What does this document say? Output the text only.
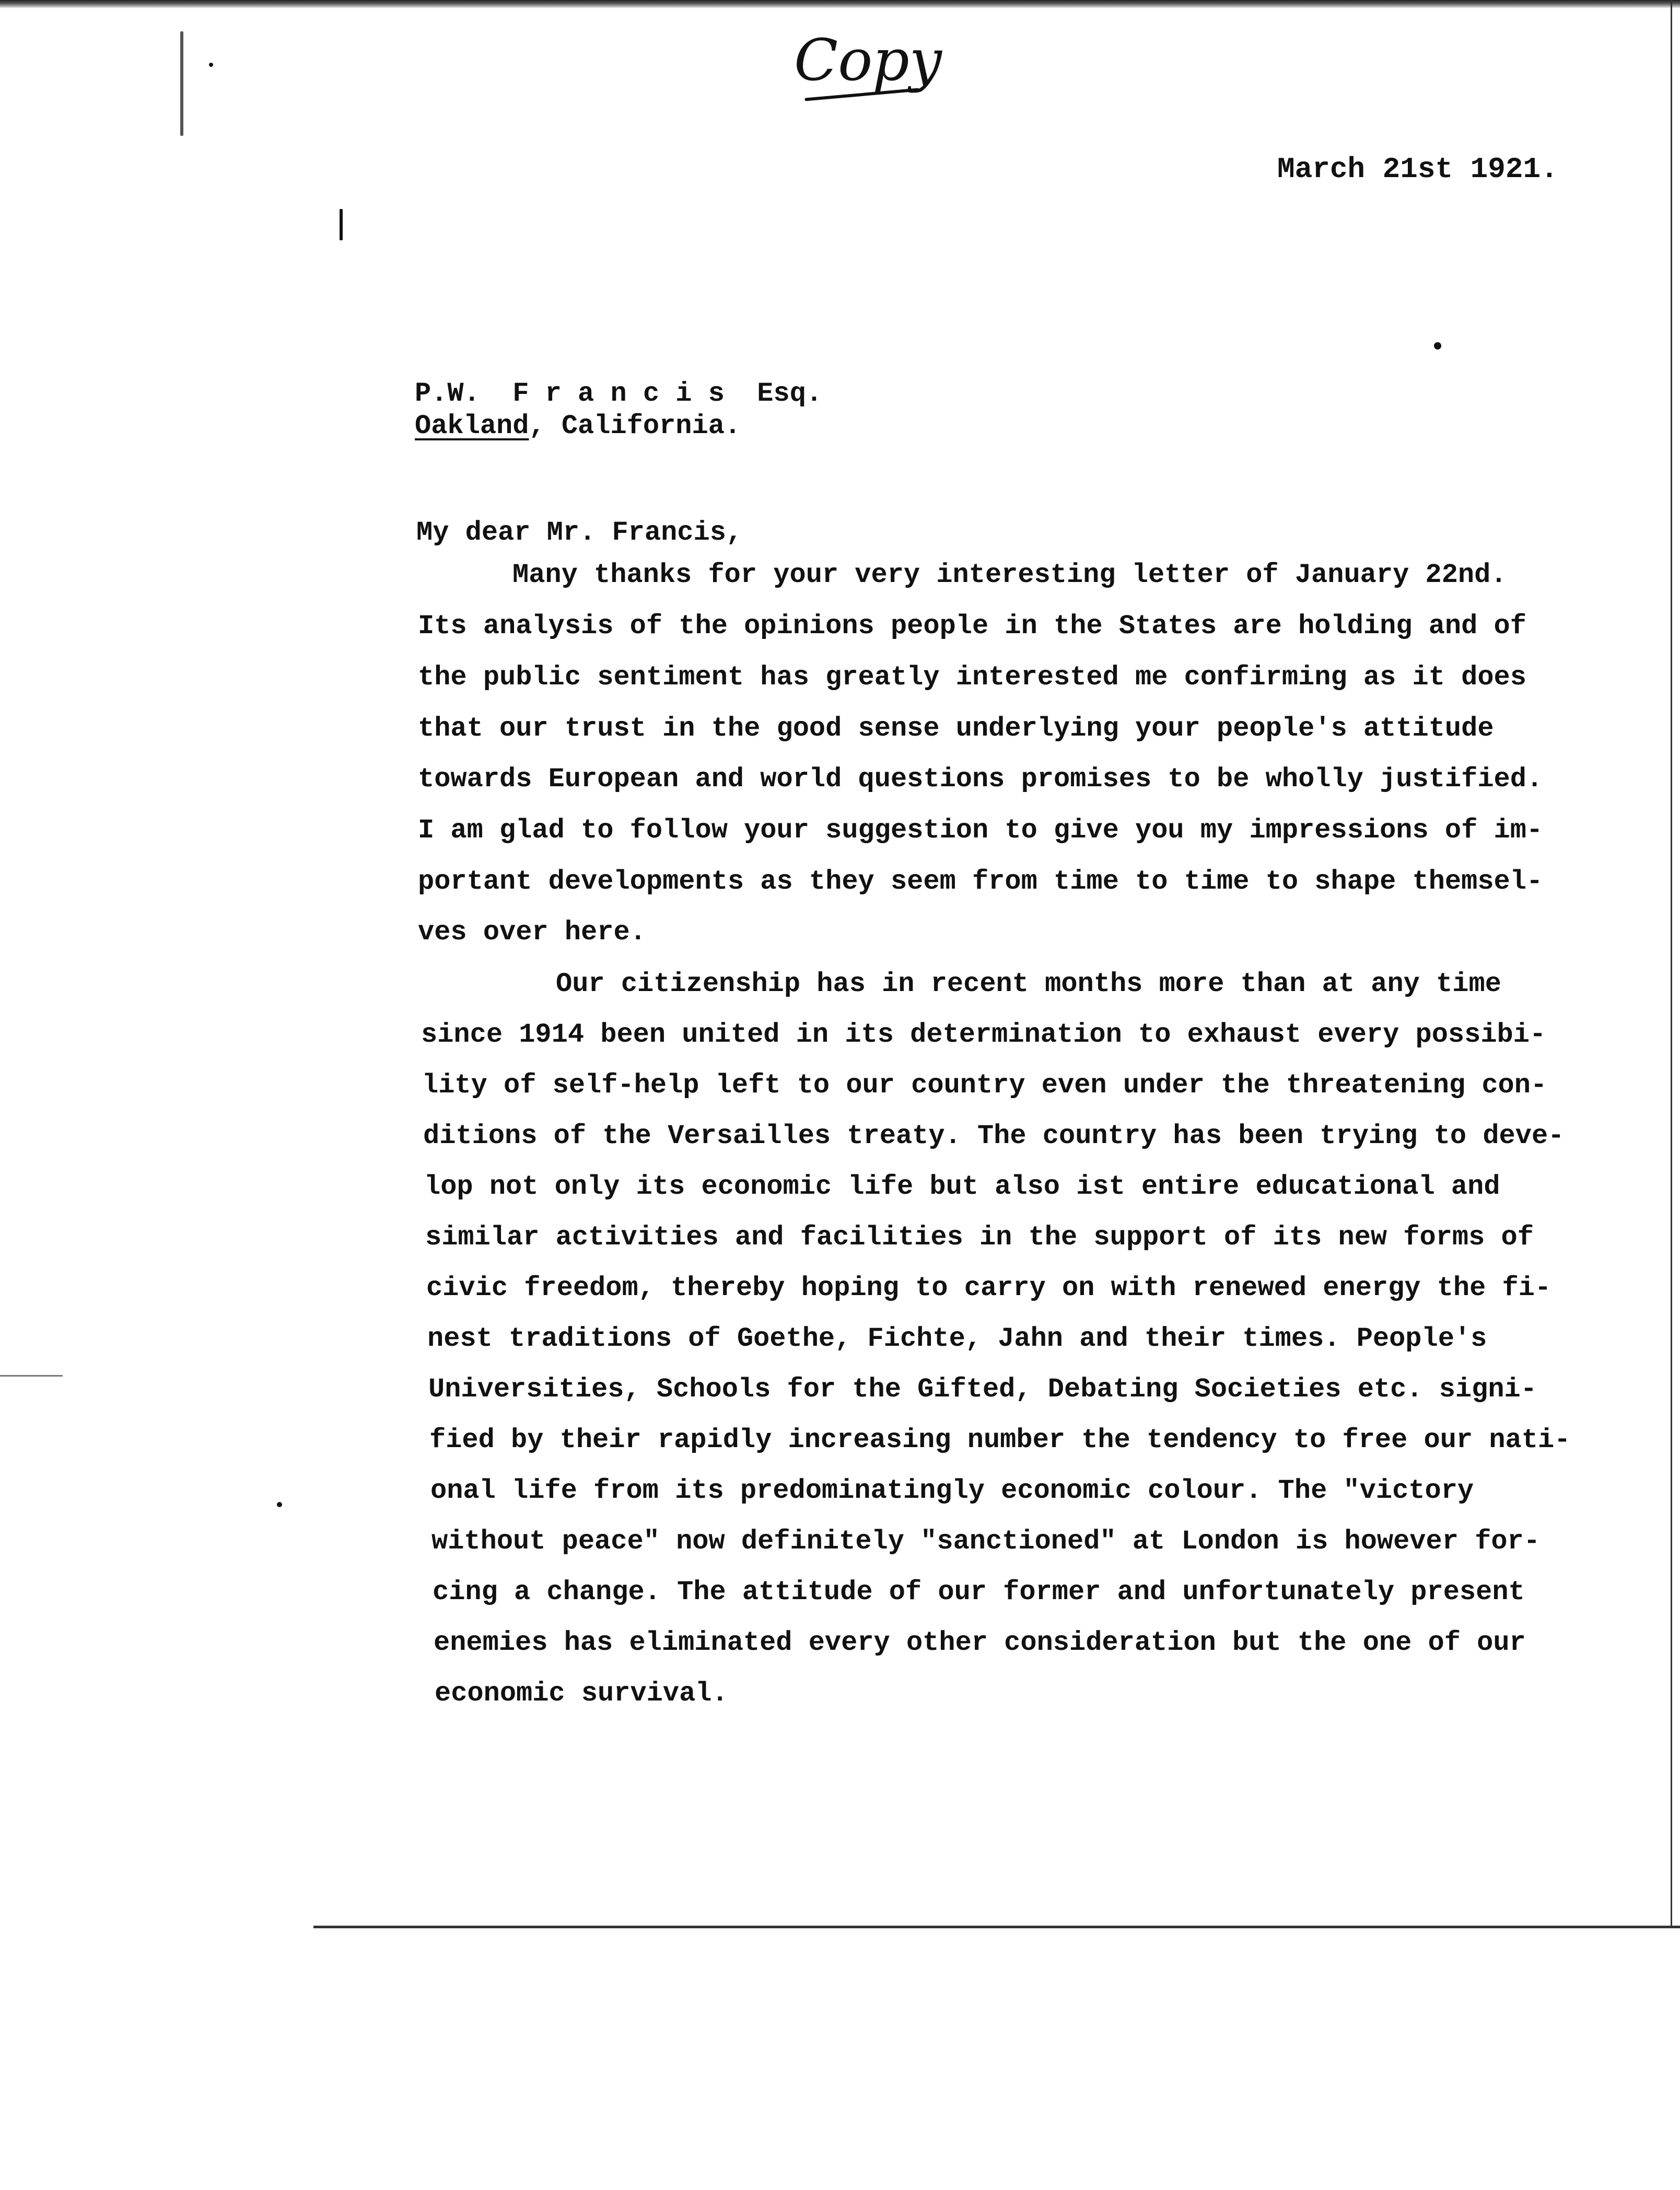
Copy
March 21st 1921.
P.W.  F r a n c i s  Esq.
Oakland, California.
My dear Mr. Francis,
Many thanks for your very interesting letter of January 22nd.
Its analysis of the opinions people in the States are holding and of
the public sentiment has greatly interested me confirming as it does
that our trust in the good sense underlying your people's attitude
towards European and world questions promises to be wholly justified.
I am glad to follow your suggestion to give you my impressions of im-
portant developments as they seem from time to time to shape themsel-
ves over here.
Our citizenship has in recent months more than at any time
since 1914 been united in its determination to exhaust every possibi-
lity of self-help left to our country even under the threatening con-
ditions of the Versailles treaty. The country has been trying to deve-
lop not only its economic life but also ist entire educational and
similar activities and facilities in the support of its new forms of
civic freedom, thereby hoping to carry on with renewed energy the fi-
nest traditions of Goethe, Fichte, Jahn and their times. People's
Universities, Schools for the Gifted, Debating Societies etc. signi-
fied by their rapidly increasing number the tendency to free our nati-
onal life from its predominatingly economic colour. The "victory
without peace" now definitely "sanctioned" at London is however for-
cing a change. The attitude of our former and unfortunately present
enemies has eliminated every other consideration but the one of our
economic survival.
